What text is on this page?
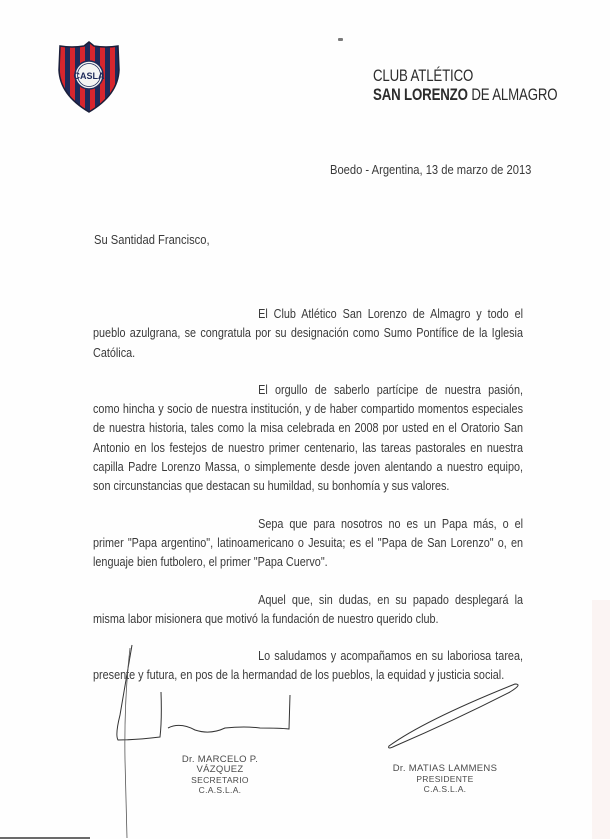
CASLA	CLUB ATLÉTICO
SAN LORENZO DE ALMAGRO
Boedo - Argentina, 13 de marzo de 2013
Su Santidad Francisco,

El Club Atlético San Lorenzo de Almagro y todo el pueblo azulgrana, se congratula por su designación como Sumo Pontífice de la Iglesia Católica.

El orgullo de saberlo partícipe de nuestra pasión, como hincha y socio de nuestra institución, y de haber compartido momentos especiales de nuestra historia, tales como la misa celebrada en 2008 por usted en el Oratorio San Antonio en los festejos de nuestro primer centenario, las tareas pastorales en nuestra capilla Padre Lorenzo Massa, o simplemente desde joven alentando a nuestro equipo, son circunstancias que destacan su humildad, su bonhomía y sus valores.

Sepa que para nosotros no es un Papa más, o el primer "Papa argentino", latinoamericano o Jesuita; es el "Papa de San Lorenzo" o, en lenguaje bien futbolero, el primer "Papa Cuervo".

Aquel que, sin dudas, en su papado desplegará la misma labor misionera que motivó la fundación de nuestro querido club.

Lo saludamos y acompañamos en su laboriosa tarea, presente y futura, en pos de la hermandad de los pueblos, la equidad y justicia social.

Dr. MARCELO P. VÁZQUEZ
SECRETARIO
C.A.S.L.A.
Dr. MATIAS LAMMENS
PRESIDENTE
C.A.S.L.A.
